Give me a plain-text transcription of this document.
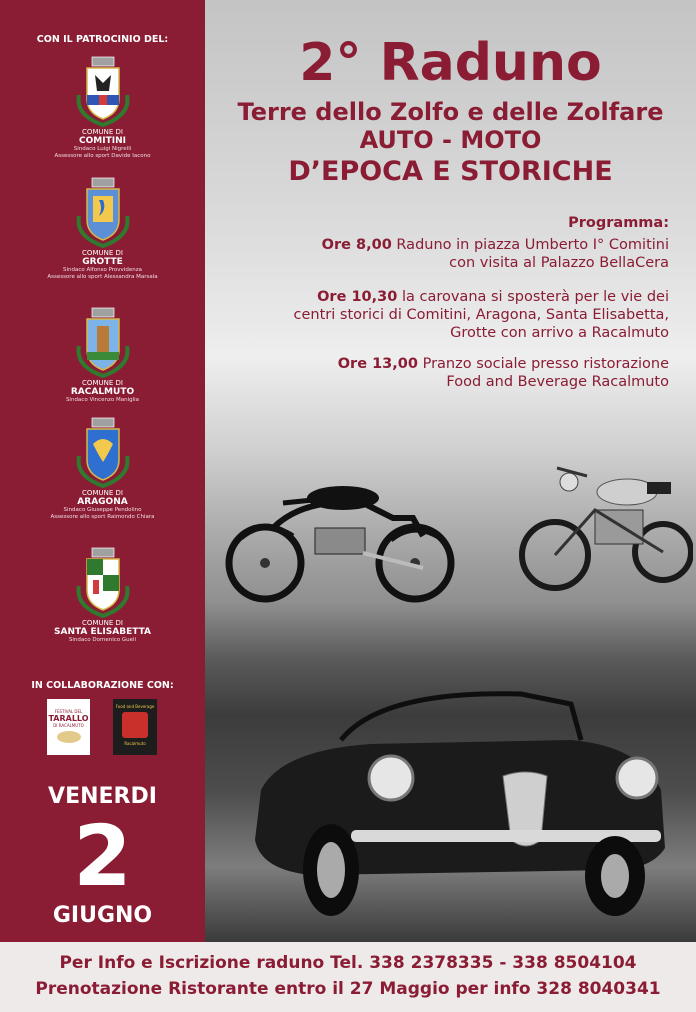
CON IL PATROCINIO DEL:
COMUNE DI
COMITINI
Sindaco Luigi Nigrelli
Assessore allo sport Davide Iacono
COMUNE DI
GROTTE
Sindaco Alfonso Provvidenza
Assessore allo sport Alessandra Marsala
COMUNE DI
RACALMUTO
Sindaco Vincenzo Maniglia
COMUNE DI
ARAGONA
Sindaco Giuseppe Pendolino
Assessore allo sport Raimondo Chiara
COMUNE DI
SANTA ELISABETTA
Sindaco Domenico Gueli
IN COLLABORAZIONE CON:
FESTIVAL DEL
TARALLO
DI RACALMUTO
Food and Beverage
Racalmuto
VENERDI
2
GIUGNO
2° Raduno
Terre dello Zolfo e delle Zolfare
AUTO - MOTO
D’EPOCA E STORICHE
Programma:
Ore 8,00 Raduno in piazza Umberto I° Comitini
con visita al Palazzo BellaCera
Ore 10,30 la carovana si sposterà per le vie dei
centri storici di Comitini, Aragona, Santa Elisabetta,
Grotte con arrivo a Racalmuto
Ore 13,00 Pranzo sociale presso ristorazione
Food and Beverage Racalmuto
Per Info e Iscrizione raduno Tel. 338 2378335 - 338 8504104
Prenotazione Ristorante entro il 27 Maggio per info 328 8040341
